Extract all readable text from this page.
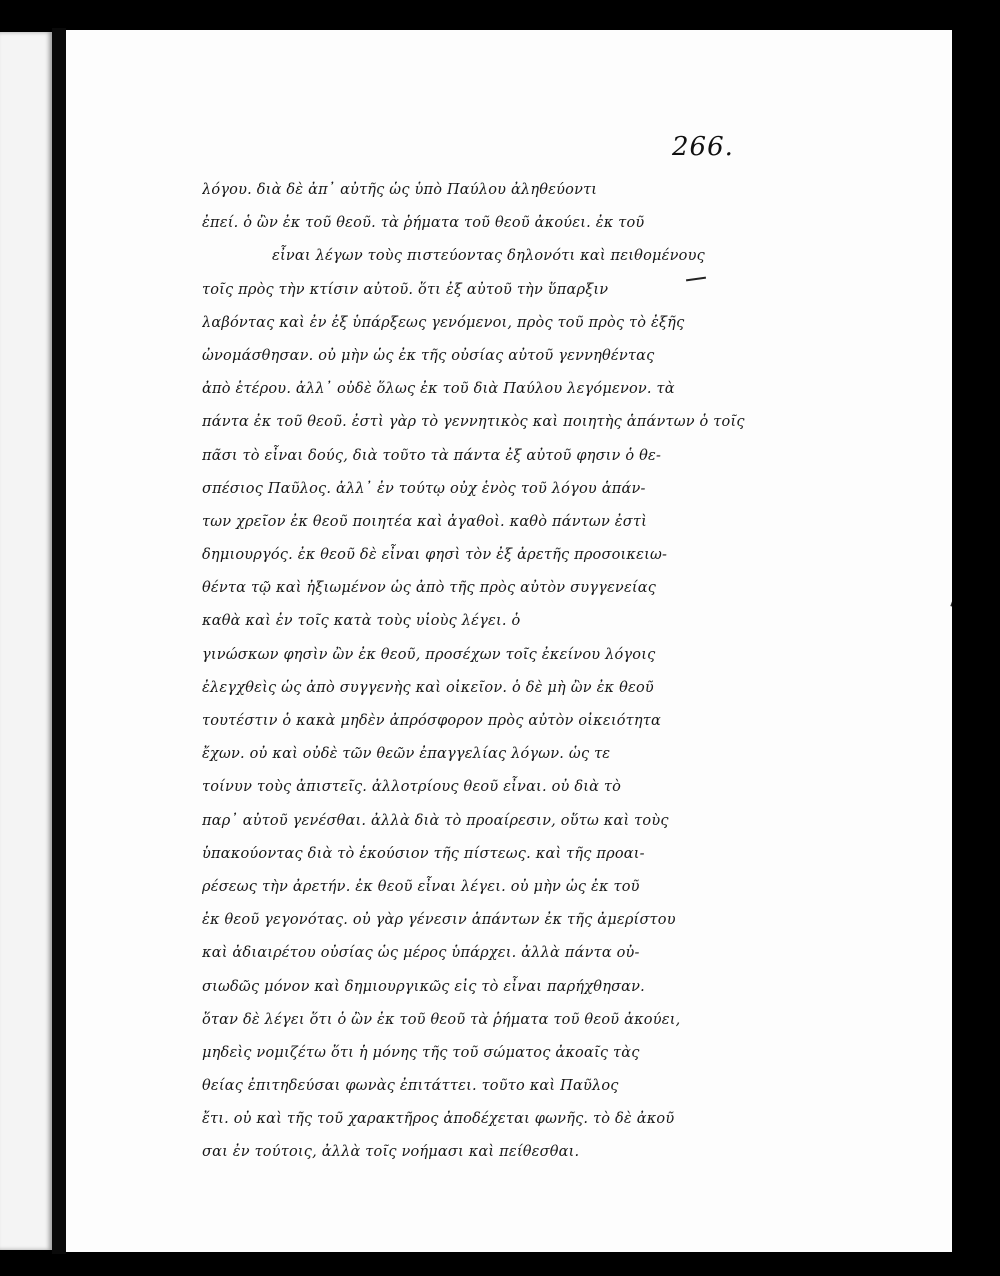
266.
λόγου. διὰ δὲ ἀπ᾿ αὐτῆς ὡς ὑπὸ Παύλου ἀληθεύοντι
ἐπεί. ὁ ὢν ἐκ τοῦ θεοῦ. τὰ ῥήματα τοῦ θεοῦ ἀκούει. ἐκ τοῦ
εἶναι λέγων τοὺς πιστεύοντας δηλονότι καὶ πειθομένους
τοῖς πρὸς τὴν κτίσιν αὐτοῦ. ὅτι ἐξ αὐτοῦ τὴν ὕπαρξιν
λαβόντας καὶ ἐν ἐξ ὑπάρξεως γενόμενοι, πρὸς τοῦ πρὸς τὸ ἐξῆς
ὠνομάσθησαν. οὐ μὴν ὡς ἐκ τῆς οὐσίας αὐτοῦ γεννηθέντας
ἀπὸ ἑτέρου. ἀλλ᾿ οὐδὲ ὅλως ἐκ τοῦ διὰ Παύλου λεγόμενον. τὰ
πάντα ἐκ τοῦ θεοῦ. ἐστὶ γὰρ τὸ γεννητικὸς καὶ ποιητὴς ἁπάντων ὁ τοῖς
πᾶσι τὸ εἶναι δούς, διὰ τοῦτο τὰ πάντα ἐξ αὐτοῦ φησιν ὁ θε-
σπέσιος Παῦλος. ἀλλ᾿ ἐν τούτῳ οὐχ ἑνὸς τοῦ λόγου ἁπάν-
των χρεῖον ἐκ θεοῦ ποιητέα καὶ ἀγαθοὶ. καθὸ πάντων ἐστὶ
δημιουργός. ἐκ θεοῦ δὲ εἶναι φησὶ τὸν ἐξ ἀρετῆς προσοικειω-
θέντα τῷ καὶ ἠξιωμένον ὡς ἀπὸ τῆς πρὸς αὐτὸν συγγενείας
καθὰ καὶ ἐν τοῖς κατὰ τοὺς υἱοὺς λέγει. ὁ
γινώσκων φησὶν ὢν ἐκ θεοῦ, προσέχων τοῖς ἐκείνου λόγοις
ἐλεγχθεὶς ὡς ἀπὸ συγγενὴς καὶ οἰκεῖον. ὁ δὲ μὴ ὢν ἐκ θεοῦ
τουτέστιν ὁ κακὰ μηδὲν ἀπρόσφορον πρὸς αὐτὸν οἰκειότητα
ἔχων. οὐ καὶ οὐδὲ τῶν θεῶν ἐπαγγελίας λόγων. ὡς τε
τοίνυν τοὺς ἀπιστεῖς. ἀλλοτρίους θεοῦ εἶναι. οὐ διὰ τὸ
παρ᾿ αὐτοῦ γενέσθαι. ἀλλὰ διὰ τὸ προαίρεσιν, οὕτω καὶ τοὺς
ὑπακούοντας διὰ τὸ ἑκούσιον τῆς πίστεως. καὶ τῆς προαι-
ρέσεως τὴν ἀρετήν. ἐκ θεοῦ εἶναι λέγει. οὐ μὴν ὡς ἐκ τοῦ
ἐκ θεοῦ γεγονότας. οὐ γὰρ γένεσιν ἁπάντων ἐκ τῆς ἀμερίστου
καὶ ἀδιαιρέτου οὐσίας ὡς μέρος ὑπάρχει. ἀλλὰ πάντα οὐ-
σιωδῶς μόνον καὶ δημιουργικῶς εἰς τὸ εἶναι παρήχθησαν.
ὅταν δὲ λέγει ὅτι ὁ ὢν ἐκ τοῦ θεοῦ τὰ ῥήματα τοῦ θεοῦ ἀκούει,
μηδεὶς νομιζέτω ὅτι ἡ μόνης τῆς τοῦ σώματος ἀκοαῖς τὰς
θείας ἐπιτηδεύσαι φωνὰς ἐπιτάττει. τοῦτο καὶ Παῦλος
ἔτι. οὐ καὶ τῆς τοῦ χαρακτῆρος ἀποδέχεται φωνῆς. τὸ δὲ ἀκοῦ
σαι ἐν τούτοις, ἀλλὰ τοῖς νοήμασι καὶ πείθεσθαι.
